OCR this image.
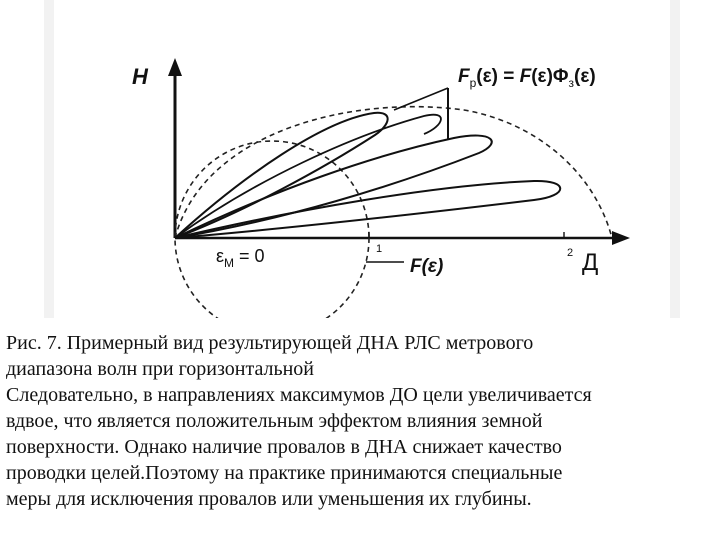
H
Д
1	2
$F_р(\varepsilon) = F(\varepsilon)\Phi_з(\varepsilon)$
$\varepsilon_М = 0$	F(ε)

Рис. 7. Примерный вид результирующей ДНА РЛС метрового

диапазона волн при горизонтальной

Следовательно, в направлениях максимумов ДО цели увеличивается

вдвое, что является положительным эффектом влияния земной

поверхности. Однако наличие провалов в ДНА снижает качество

проводки целей.Поэтому на практике принимаются специальные

меры для исключения провалов или уменьшения их глубины.
